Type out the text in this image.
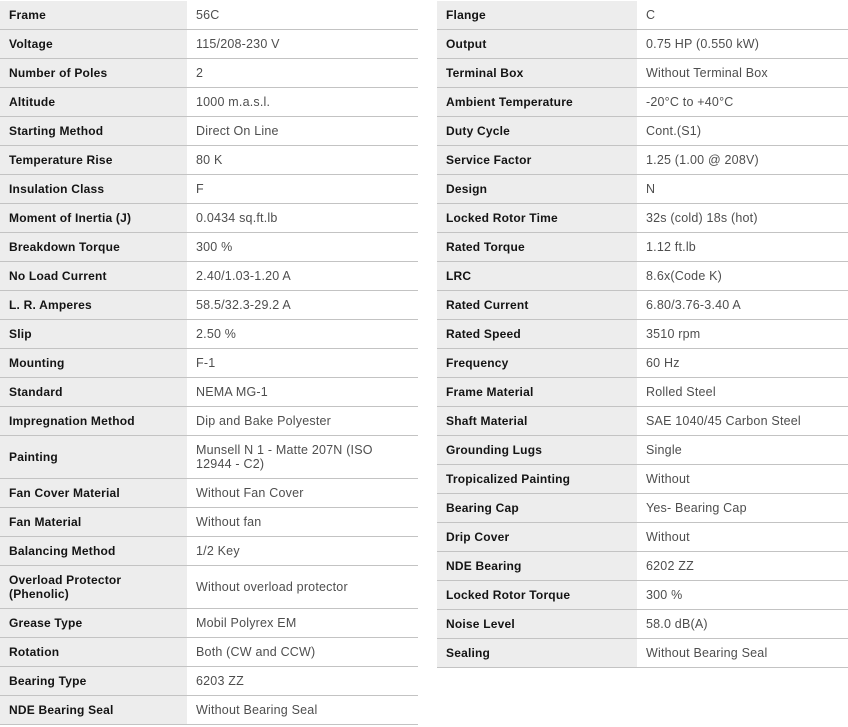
Frame	56C
Voltage	115/208-230 V
Number of Poles	2
Altitude	1000 m.a.s.l.
Starting Method	Direct On Line
Temperature Rise	80 K
Insulation Class	F
Moment of Inertia (J)	0.0434 sq.ft.lb
Breakdown Torque	300 %
No Load Current	2.40/1.03-1.20 A
L. R. Amperes	58.5/32.3-29.2 A
Slip	2.50 %
Mounting	F-1
Standard	NEMA MG-1
Impregnation Method	Dip and Bake Polyester
Painting	Munsell N 1 - Matte 207N (ISO 12944 - C2)
Fan Cover Material	Without Fan Cover
Fan Material	Without fan
Balancing Method	1/2 Key
Overload Protector (Phenolic)	Without overload protector
Grease Type	Mobil Polyrex EM
Rotation	Both (CW and CCW)
Bearing Type	6203 ZZ
NDE Bearing Seal	Without Bearing Seal
Flange	C
Output	0.75 HP (0.550 kW)
Terminal Box	Without Terminal Box
Ambient Temperature	-20°C to +40°C
Duty Cycle	Cont.(S1)
Service Factor	1.25 (1.00 @ 208V)
Design	N
Locked Rotor Time	32s (cold) 18s (hot)
Rated Torque	1.12 ft.lb
LRC	8.6x(Code K)
Rated Current	6.80/3.76-3.40 A
Rated Speed	3510 rpm
Frequency	60 Hz
Frame Material	Rolled Steel
Shaft Material	SAE 1040/45 Carbon Steel
Grounding Lugs	Single
Tropicalized Painting	Without
Bearing Cap	Yes- Bearing Cap
Drip Cover	Without
NDE Bearing	6202 ZZ
Locked Rotor Torque	300 %
Noise Level	58.0 dB(A)
Sealing	Without Bearing Seal
